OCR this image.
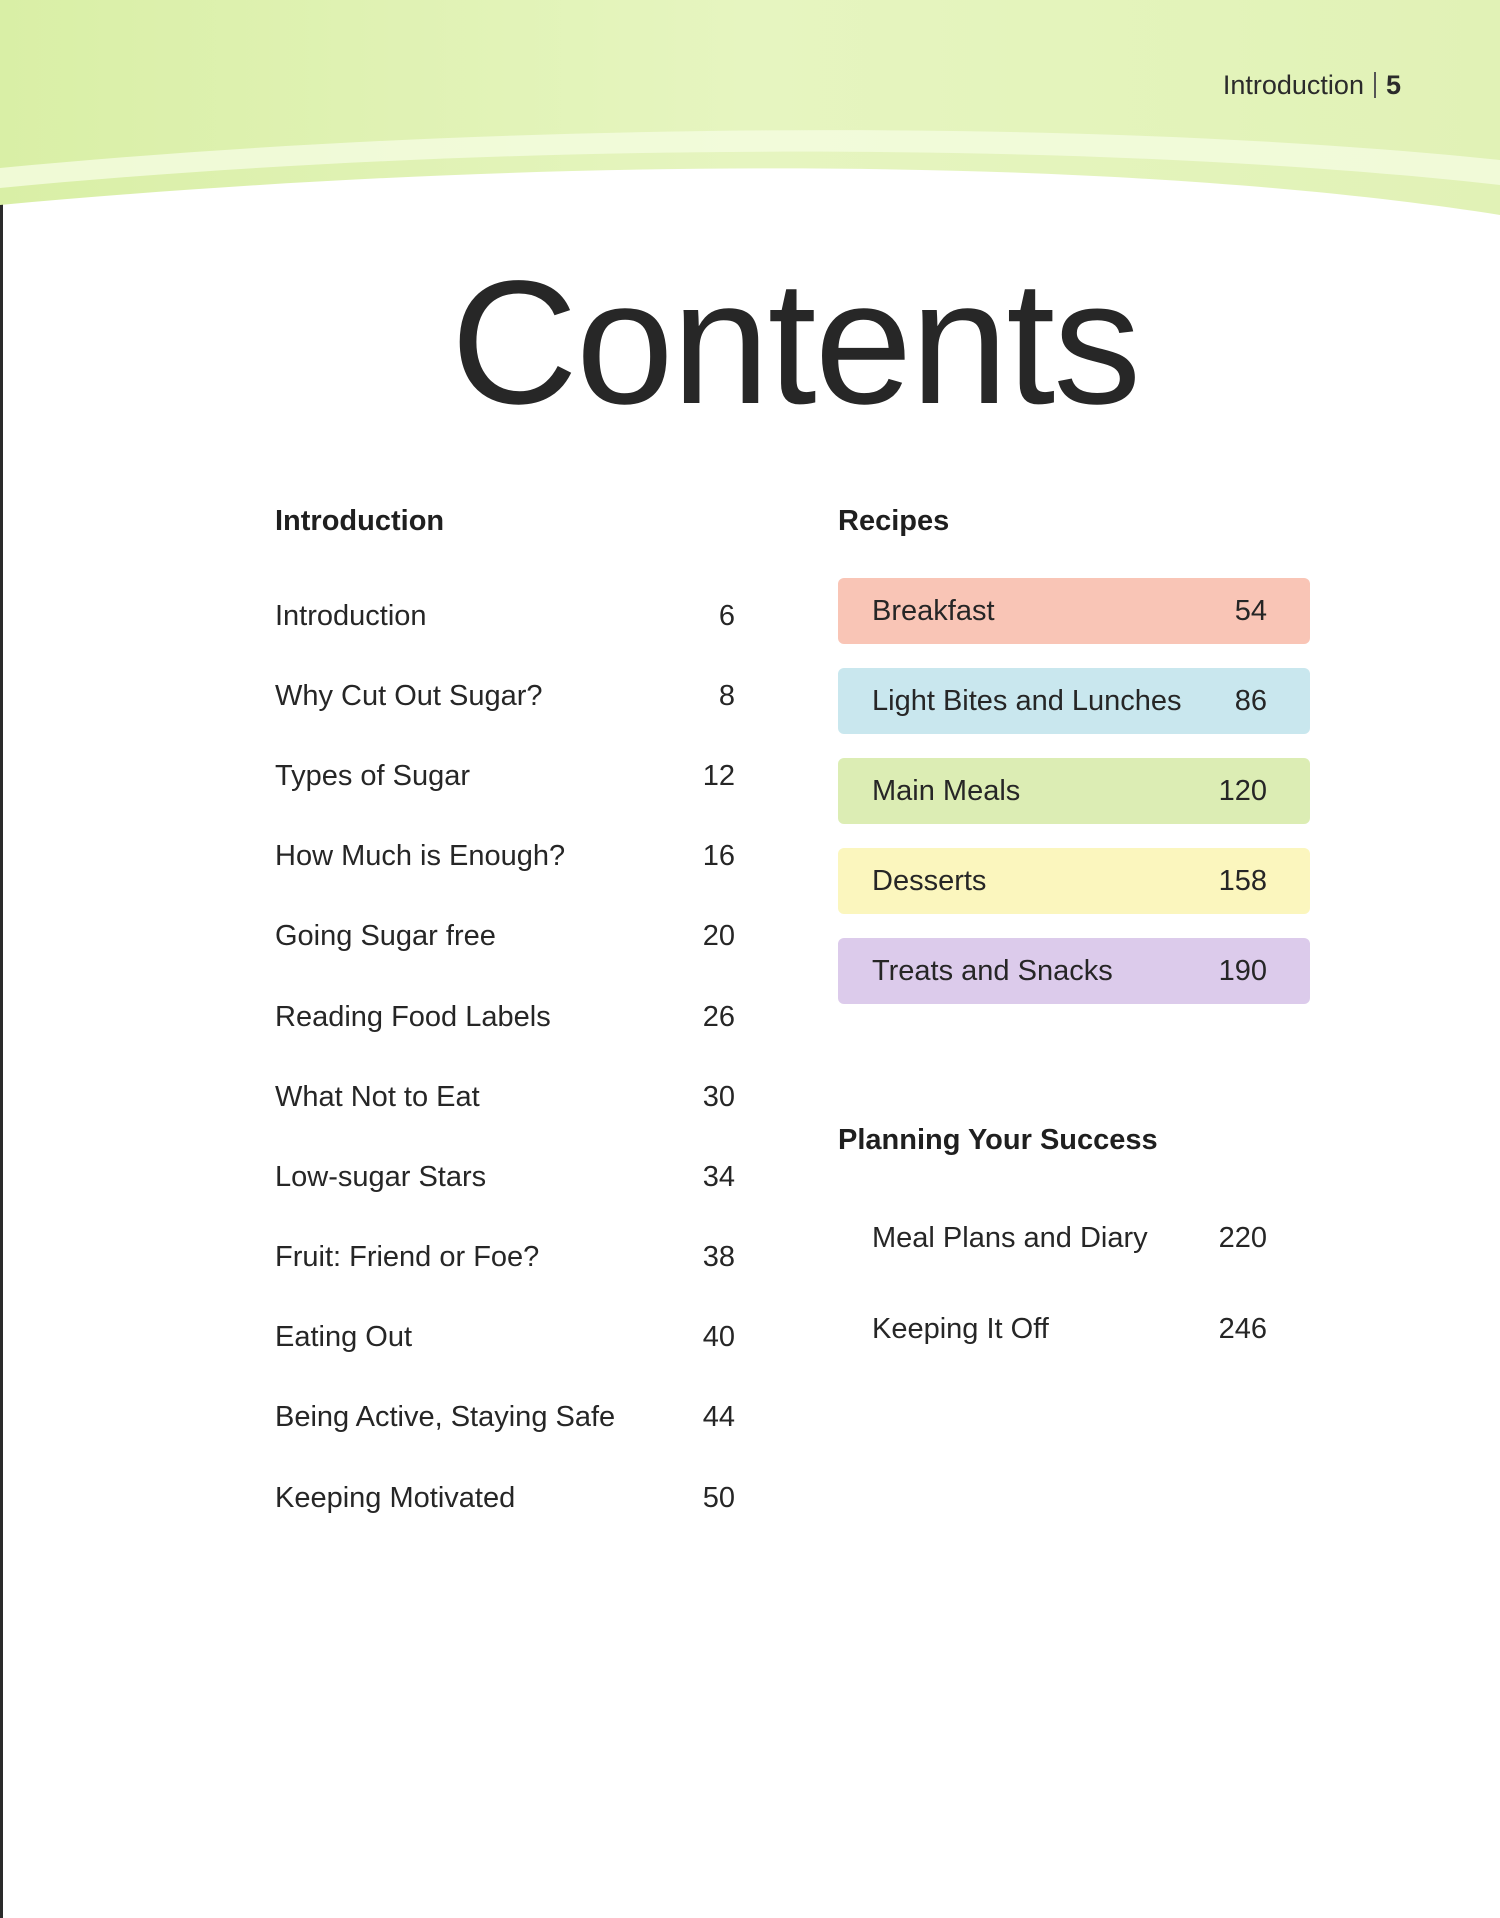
Introduction 5
Contents
Introduction
Introduction	6
Why Cut Out Sugar?	8
Types of Sugar	12
How Much is Enough?	16
Going Sugar free	20
Reading Food Labels	26
What Not to Eat	30
Low-sugar Stars	34
Fruit: Friend or Foe?	38
Eating Out	40
Being Active, Staying Safe	44
Keeping Motivated	50
Recipes
Breakfast	54
Light Bites and Lunches 86
Main Meals	120
Desserts	158
Treats and Snacks	190
Planning Your Success
Meal Plans and Diary 220
Keeping It Off	246
